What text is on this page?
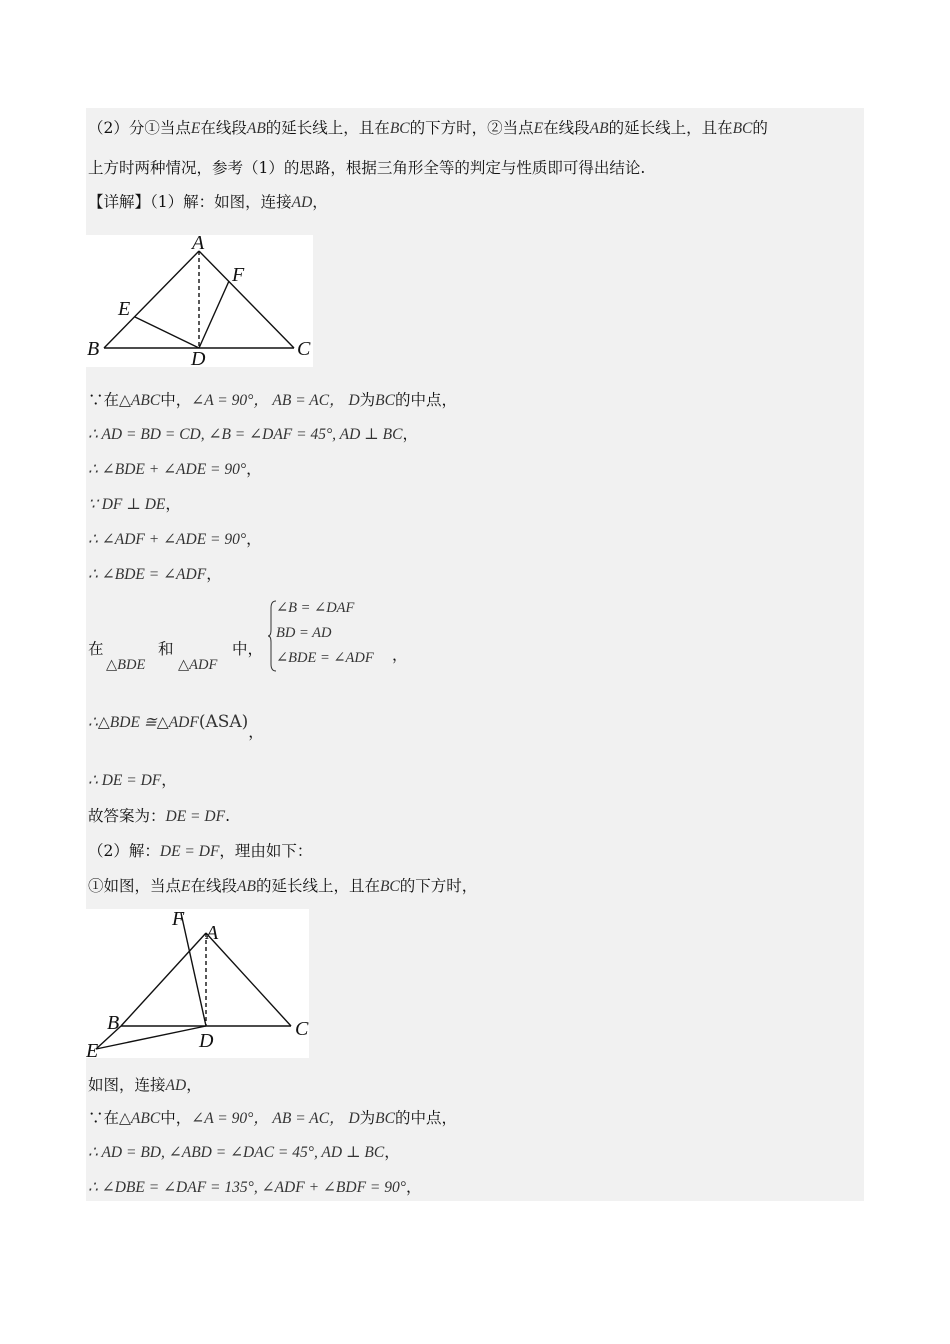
（2）分①当点E在线段AB的延长线上，且在BC的下方时，②当点E在线段AB的延长线上，且在BC的
上方时两种情况，参考（1）的思路，根据三角形全等的判定与性质即可得出结论.
【详解】（1）解：如图，连接AD，
A
F
E
B	D	C
∵在△ABC中，∠A = 90°， AB = AC， D为BC的中点，
∴ AD = BD = CD, ∠B = ∠DAF = 45°, AD ⊥ BC，
∴ ∠BDE + ∠ADE = 90°，
∵ DF ⊥ DE，
∴ ∠ADF + ∠ADE = 90°，
∴ ∠BDE = ∠ADF，
在	和	中，
△BDE △ADF
∠B = ∠DAF
BD = AD
∠BDE = ∠ADF ，
∴△BDE ≅△ADF(ASA)，
∴ DE = DF，
故答案为：DE = DF.
（2）解：DE = DF，理由如下：
①如图，当点E在线段AB的延长线上，且在BC的下方时，
F
A
B	C
D
E
如图，连接AD，
∵在△ABC中，∠A = 90°， AB = AC， D为BC的中点，
∴ AD = BD, ∠ABD = ∠DAC = 45°, AD ⊥ BC，
∴ ∠DBE = ∠DAF = 135°, ∠ADF + ∠BDF = 90°，
